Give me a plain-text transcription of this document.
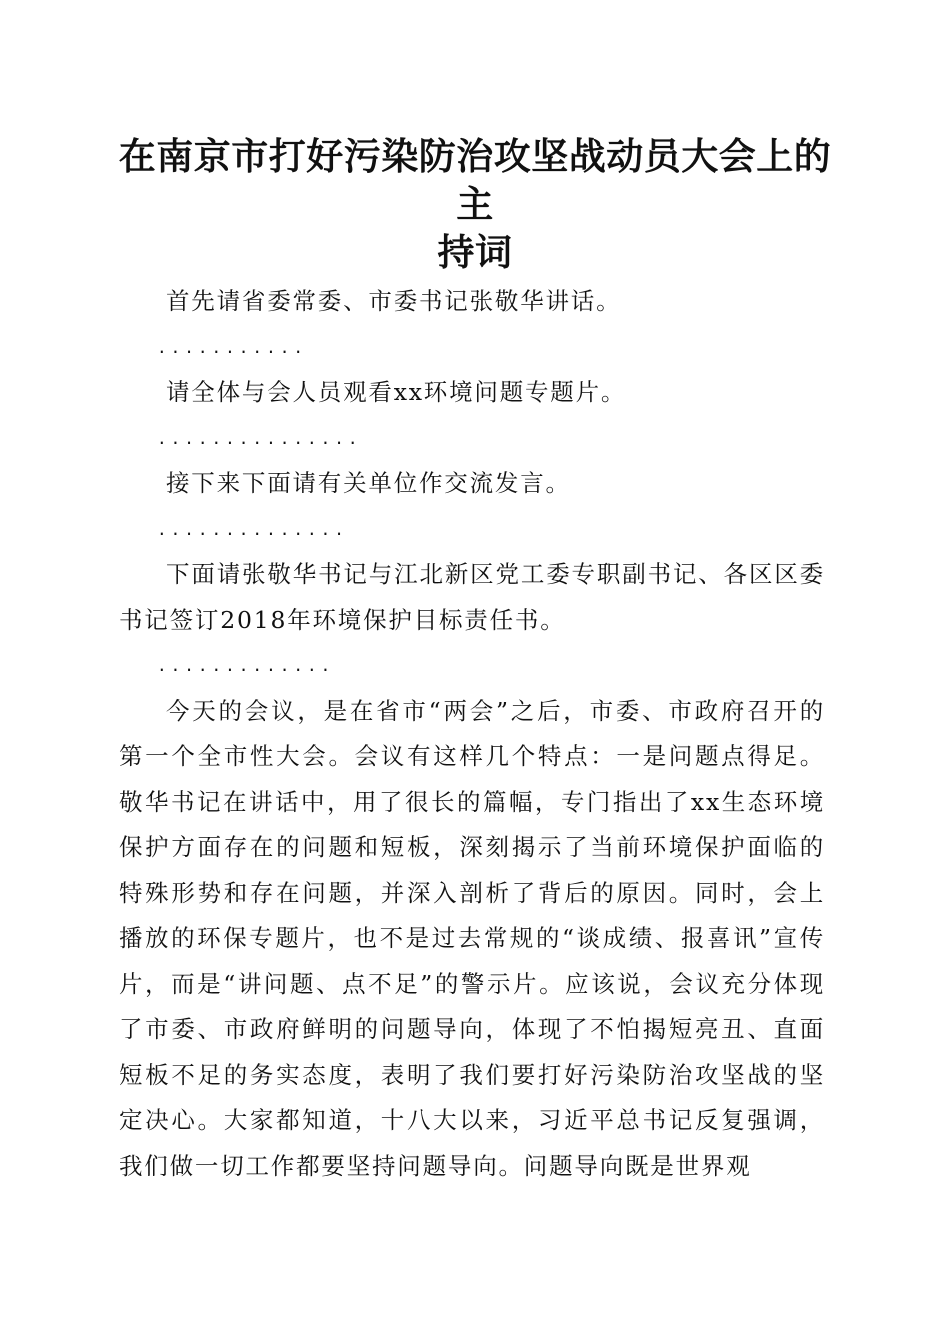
在南京市打好污染防治攻坚战动员大会上的主
持词

首先请省委常委、市委书记张敬华讲话。

...........

请全体与会人员观看xx环境问题专题片。

...............

接下来下面请有关单位作交流发言。

..............

下面请张敬华书记与江北新区党工委专职副书记、各区区委书记签订2018年环境保护目标责任书。

.............

今天的会议，是在省市“两会”之后，市委、市政府召开的第一个全市性大会。会议有这样几个特点：一是问题点得足。敬华书记在讲话中，用了很长的篇幅，专门指出了xx生态环境保护方面存在的问题和短板，深刻揭示了当前环境保护面临的特殊形势和存在问题，并深入剖析了背后的原因。同时，会上播放的环保专题片，也不是过去常规的“谈成绩、报喜讯”宣传片，而是“讲问题、点不足”的警示片。应该说，会议充分体现了市委、市政府鲜明的问题导向，体现了不怕揭短亮丑、直面短板不足的务实态度，表明了我们要打好污染防治攻坚战的坚定决心。大家都知道，十八大以来，习近平总书记反复强调，我们做一切工作都要坚持问题导向。问题导向既是世界观
